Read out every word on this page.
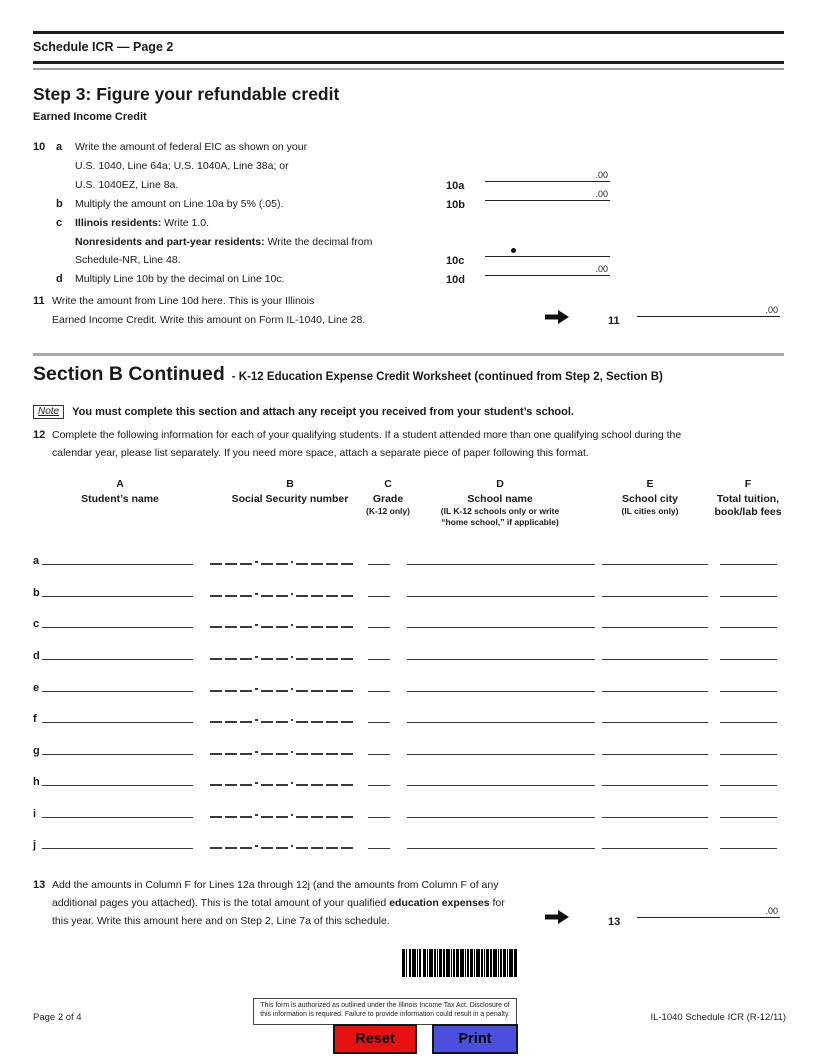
Schedule ICR — Page 2
Step 3: Figure your refundable credit
Earned Income Credit
10 a Write the amount of federal EIC as shown on your
U.S. 1040, Line 64a; U.S. 1040A, Line 38a; or
U.S. 1040EZ, Line 8a.	10a
.00
b Multiply the amount on Line 10a by 5% (.05).	10b
.00
c Illinois residents: Write 1.0.
Nonresidents and part-year residents: Write the decimal from
Schedule-NR, Line 48.	10c
d Multiply Line 10b by the decimal on Line 10c.	10d
.00
11 Write the amount from Line 10d here. This is your Illinois
Earned Income Credit. Write this amount on Form IL-1040, Line 28.	11
.00
Section B Continued - K-12 Education Expense Credit Worksheet (continued from Step 2, Section B)
Note	You must complete this section and attach any receipt you received from your student’s school.
12 Complete the following information for each of your qualifying students. If a student attended more than one qualifying school during the
calendar year, please list separately. If you need more space, attach a separate piece of paper following this format.
A
Student’s name
B
Social Security number
C
Grade
(K-12 only)
D
School name
(IL K-12 schools only or write
“home school,” if applicable)
E
School city
(IL cities only)
F
Total tuition,
book/lab fees
a
b
c
d
e
f
g
h
i
j
13 Add the amounts in Column F for Lines 12a through 12j (and the amounts from Column F of any
additional pages you attached). This is the total amount of your qualified education expenses for
this year. Write this amount here and on Step 2, Line 7a of this schedule.	13
.00
Page 2 of 4
This form is authorized as outlined under the Illinois Income Tax Act. Disclosure of
this information is required. Failure to provide information could result in a penalty.	IL-1040 Schedule ICR (R-12/11)
Reset	Print
